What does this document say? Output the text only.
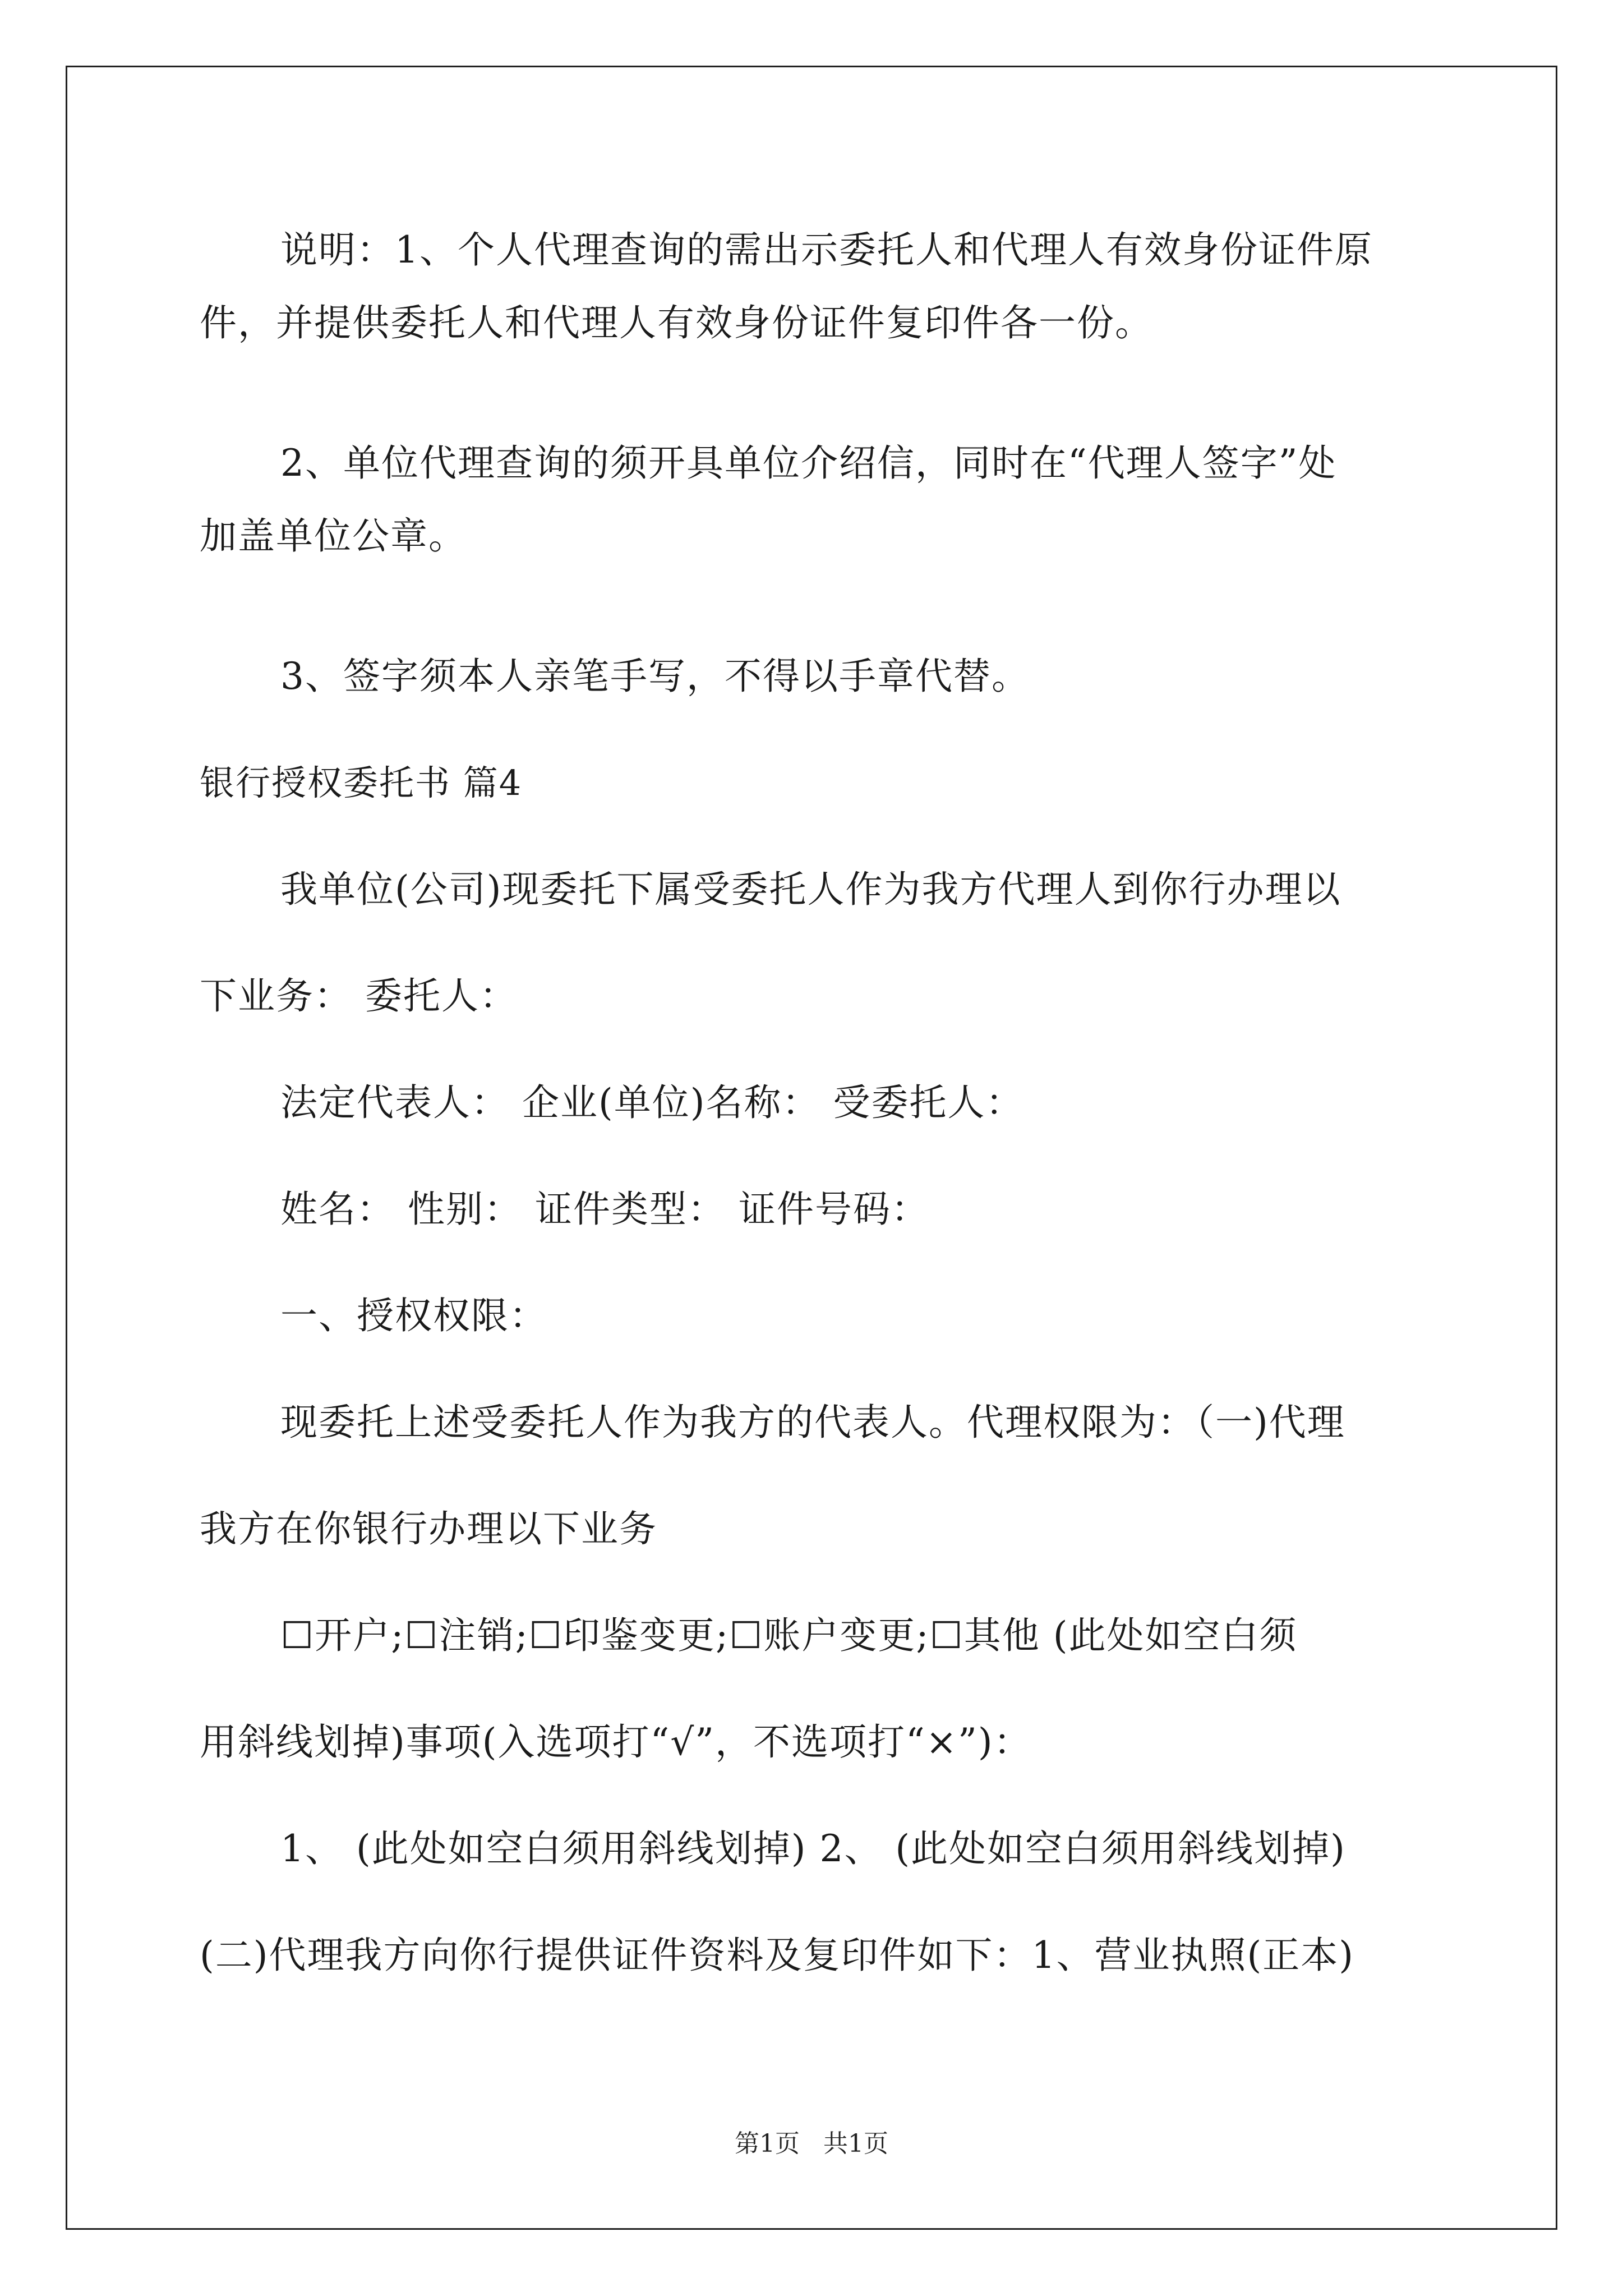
说明：1、个人代理查询的需出示委托人和代理人有效身份证件原
件，并提供委托人和代理人有效身份证件复印件各一份。
2、单位代理查询的须开具单位介绍信，同时在“代理人签字”处
加盖单位公章。
3、签字须本人亲笔手写，不得以手章代替。
银行授权委托书 篇4
我单位(公司)现委托下属受委托人作为我方代理人到你行办理以
下业务： 委托人：
法定代表人： 企业(单位)名称： 受委托人：
姓名： 性别： 证件类型： 证件号码：
一、授权权限：
现委托上述受委托人作为我方的代表人。代理权限为：（一)代理
我方在你银行办理以下业务
☐开户;☐注销;☐印鉴变更;☐账户变更;☐其他 (此处如空白须
用斜线划掉)事项(入选项打“√”，不选项打“×”)：
1、 (此处如空白须用斜线划掉) 2、 (此处如空白须用斜线划掉)
(二)代理我方向你行提供证件资料及复印件如下：1、营业执照(正本)
第1页 共1页
